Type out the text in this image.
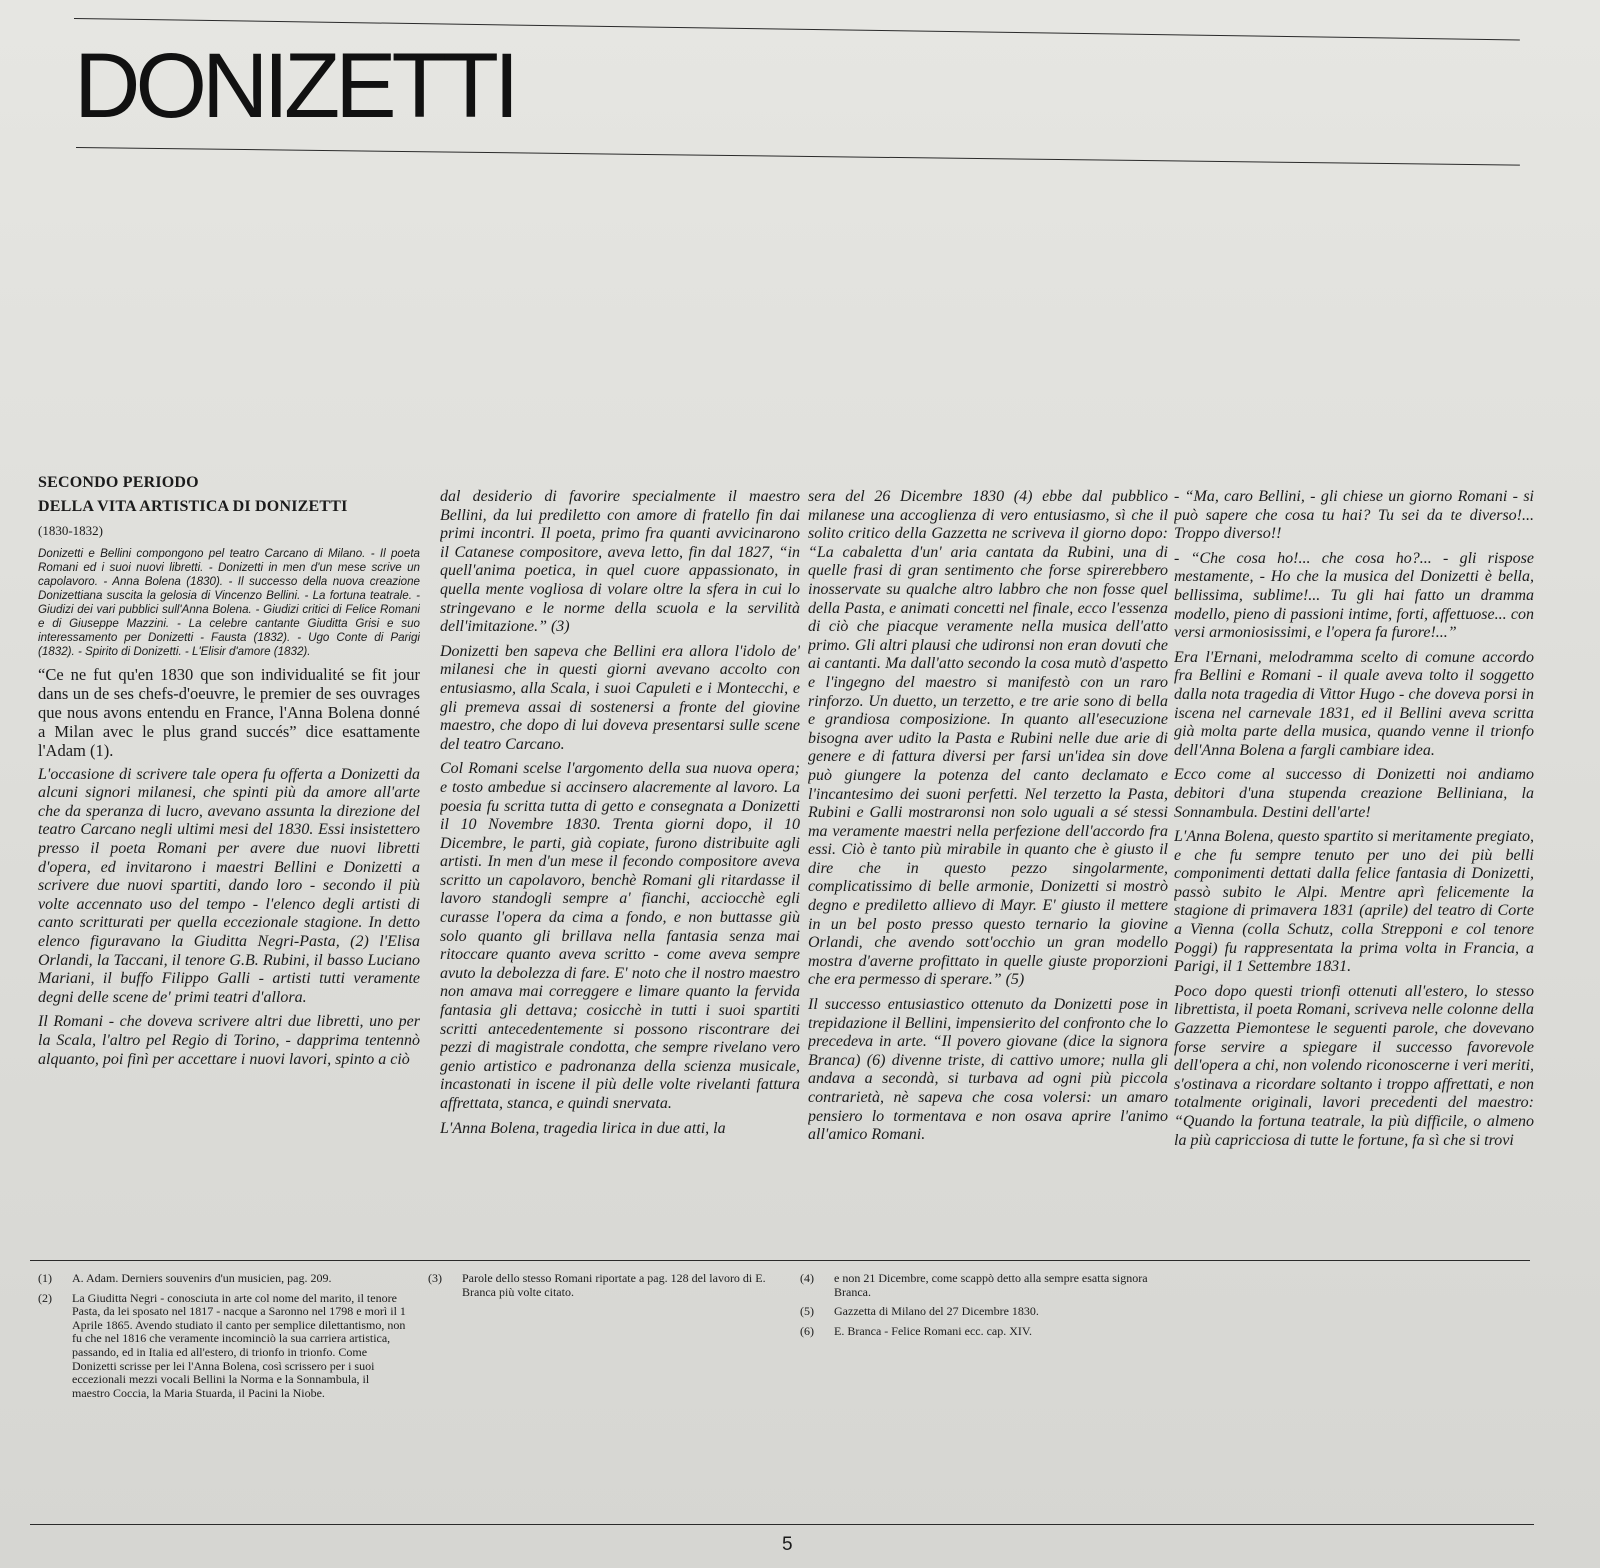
DONIZETTI

SECONDO PERIODO

DELLA VITA ARTISTICA DI DONIZETTI

(1830-1832)

Donizetti e Bellini compongono pel teatro Carcano di Milano. - Il poeta Romani ed i suoi nuovi libretti. - Donizetti in men d'un mese scrive un capolavoro. - Anna Bolena (1830). - Il successo della nuova creazione Donizettiana suscita la gelosia di Vincenzo Bellini. - La fortuna teatrale. - Giudizi dei vari pubblici sull'Anna Bolena. - Giudizi critici di Felice Romani e di Giuseppe Mazzini. - La celebre cantante Giuditta Grisi e suo interessamento per Donizetti - Fausta (1832). - Ugo Conte di Parigi (1832). - Spirito di Donizetti. - L'Elisir d'amore (1832).

“Ce ne fut qu'en 1830 que son individualité se fit jour dans un de ses chefs-d'oeuvre, le premier de ses ouvrages que nous avons entendu en France, l'Anna Bolena donné a Milan avec le plus grand succés” dice esattamente l'Adam (1).

L'occasione di scrivere tale opera fu offerta a Donizetti da alcuni signori milanesi, che spinti più da amore all'arte che da speranza di lucro, avevano assunta la direzione del teatro Carcano negli ultimi mesi del 1830. Essi insistettero presso il poeta Romani per avere due nuovi libretti d'opera, ed invitarono i maestri Bellini e Donizetti a scrivere due nuovi spartiti, dando loro - secondo il più volte accennato uso del tempo - l'elenco degli artisti di canto scritturati per quella eccezionale stagione. In detto elenco figuravano la Giuditta Negri-Pasta, (2) l'Elisa Orlandi, la Taccani, il tenore G.B. Rubini, il basso Luciano Mariani, il buffo Filippo Galli - artisti tutti veramente degni delle scene de' primi teatri d'allora.

Il Romani - che doveva scrivere altri due libretti, uno per la Scala, l'altro pel Regio di Torino, - dapprima tentennò alquanto, poi finì per accettare i nuovi lavori, spinto a ciò

dal desiderio di favorire specialmente il maestro Bellini, da lui prediletto con amore di fratello fin dai primi incontri. Il poeta, primo fra quanti avvicinarono il Catanese compositore, aveva letto, fin dal 1827, “in quell'anima poetica, in quel cuore appassionato, in quella mente vogliosa di volare oltre la sfera in cui lo stringevano e le norme della scuola e la servilità dell'imitazione.” (3)

Donizetti ben sapeva che Bellini era allora l'idolo de' milanesi che in questi giorni avevano accolto con entusiasmo, alla Scala, i suoi Capuleti e i Montecchi, e gli premeva assai di sostenersi a fronte del giovine maestro, che dopo di lui doveva presentarsi sulle scene del teatro Carcano.

Col Romani scelse l'argomento della sua nuova opera; e tosto ambedue si accinsero alacremente al lavoro. La poesia fu scritta tutta di getto e consegnata a Donizetti il 10 Novembre 1830. Trenta giorni dopo, il 10 Dicembre, le parti, già copiate, furono distribuite agli artisti. In men d'un mese il fecondo compositore aveva scritto un capolavoro, benchè Romani gli ritardasse il lavoro standogli sempre a' fianchi, acciocchè egli curasse l'opera da cima a fondo, e non buttasse giù solo quanto gli brillava nella fantasia senza mai ritoccare quanto aveva scritto - come aveva sempre avuto la debolezza di fare. E' noto che il nostro maestro non amava mai correggere e limare quanto la fervida fantasia gli dettava; cosicchè in tutti i suoi spartiti scritti antecedentemente si possono riscontrare dei pezzi di magistrale condotta, che sempre rivelano vero genio artistico e padronanza della scienza musicale, incastonati in iscene il più delle volte rivelanti fattura affrettata, stanca, e quindi snervata.

L'Anna Bolena, tragedia lirica in due atti, la

sera del 26 Dicembre 1830 (4) ebbe dal pubblico milanese una accoglienza di vero entusiasmo, sì che il solito critico della Gazzetta ne scriveva il giorno dopo: “La cabaletta d'un' aria cantata da Rubini, una di quelle frasi di gran sentimento che forse spirerebbero inosservate su qualche altro labbro che non fosse quel della Pasta, e animati concetti nel finale, ecco l'essenza di ciò che piacque veramente nella musica dell'atto primo. Gli altri plausi che udironsi non eran dovuti che ai cantanti. Ma dall'atto secondo la cosa mutò d'aspetto e l'ingegno del maestro si manifestò con un raro rinforzo. Un duetto, un terzetto, e tre arie sono di bella e grandiosa composizione. In quanto all'esecuzione bisogna aver udito la Pasta e Rubini nelle due arie di genere e di fattura diversi per farsi un'idea sin dove può giungere la potenza del canto declamato e l'incantesimo dei suoni perfetti. Nel terzetto la Pasta, Rubini e Galli mostraronsi non solo uguali a sé stessi ma veramente maestri nella perfezione dell'accordo fra essi. Ciò è tanto più mirabile in quanto che è giusto il dire che in questo pezzo singolarmente, complicatissimo di belle armonie, Donizetti si mostrò degno e prediletto allievo di Mayr. E' giusto il mettere in un bel posto presso questo ternario la giovine Orlandi, che avendo sott'occhio un gran modello mostra d'averne profittato in quelle giuste proporzioni che era permesso di sperare.” (5)

Il successo entusiastico ottenuto da Donizetti pose in trepidazione il Bellini, impensierito del confronto che lo precedeva in arte. “Il povero giovane (dice la signora Branca) (6) divenne triste, di cattivo umore; nulla gli andava a secondà, si turbava ad ogni più piccola contrarietà, nè sapeva che cosa volersi: un amaro pensiero lo tormentava e non osava aprire l'animo all'amico Romani.

- “Ma, caro Bellini, - gli chiese un giorno Romani - si può sapere che cosa tu hai? Tu sei da te diverso!... Troppo diverso!!

- “Che cosa ho!... che cosa ho?... - gli rispose mestamente, - Ho che la musica del Donizetti è bella, bellissima, sublime!... Tu gli hai fatto un dramma modello, pieno di passioni intime, forti, affettuose... con versi armoniosissimi, e l'opera fa furore!...”

Era l'Ernani, melodramma scelto di comune accordo fra Bellini e Romani - il quale aveva tolto il soggetto dalla nota tragedia di Vittor Hugo - che doveva porsi in iscena nel carnevale 1831, ed il Bellini aveva scritta già molta parte della musica, quando venne il trionfo dell'Anna Bolena a fargli cambiare idea.

Ecco come al successo di Donizetti noi andiamo debitori d'una stupenda creazione Belliniana, la Sonnambula. Destini dell'arte!

L'Anna Bolena, questo spartito si meritamente pregiato, e che fu sempre tenuto per uno dei più belli componimenti dettati dalla felice fantasia di Donizetti, passò subito le Alpi. Mentre aprì felicemente la stagione di primavera 1831 (aprile) del teatro di Corte a Vienna (colla Schutz, colla Strepponi e col tenore Poggi) fu rappresentata la prima volta in Francia, a Parigi, il 1 Settembre 1831.

Poco dopo questi trionfi ottenuti all'estero, lo stesso librettista, il poeta Romani, scriveva nelle colonne della Gazzetta Piemontese le seguenti parole, che dovevano forse servire a spiegare il successo favorevole dell'opera a chi, non volendo riconoscerne i veri meriti, s'ostinava a ricordare soltanto i troppo affrettati, e non totalmente originali, lavori precedenti del maestro: “Quando la fortuna teatrale, la più difficile, o almeno la più capricciosa di tutte le fortune, fa sì che si trovi

(1)	A. Adam. Derniers souvenirs d'un musicien, pag. 209.
(2)	La Giuditta Negri - conosciuta in arte col nome del marito, il tenore Pasta, da lei sposato nel 1817 - nacque a Saronno nel 1798 e morì il 1 Aprile 1865. Avendo studiato il canto per semplice dilettantismo, non fu che nel 1816 che veramente incominciò la sua carriera artistica, passando, ed in Italia ed all'estero, di trionfo in trionfo. Come Donizetti scrisse per lei l'Anna Bolena, così scrissero per i suoi eccezionali mezzi vocali Bellini la Norma e la Sonnambula, il maestro Coccia, la Maria Stuarda, il Pacini la Niobe.
(3)	Parole dello stesso Romani riportate a pag. 128 del lavoro di E. Branca più volte citato.
(4)	e non 21 Dicembre, come scappò detto alla sempre esatta signora Branca.
(5)	Gazzetta di Milano del 27 Dicembre 1830.
(6)	E. Branca - Felice Romani ecc. cap. XIV.
5
